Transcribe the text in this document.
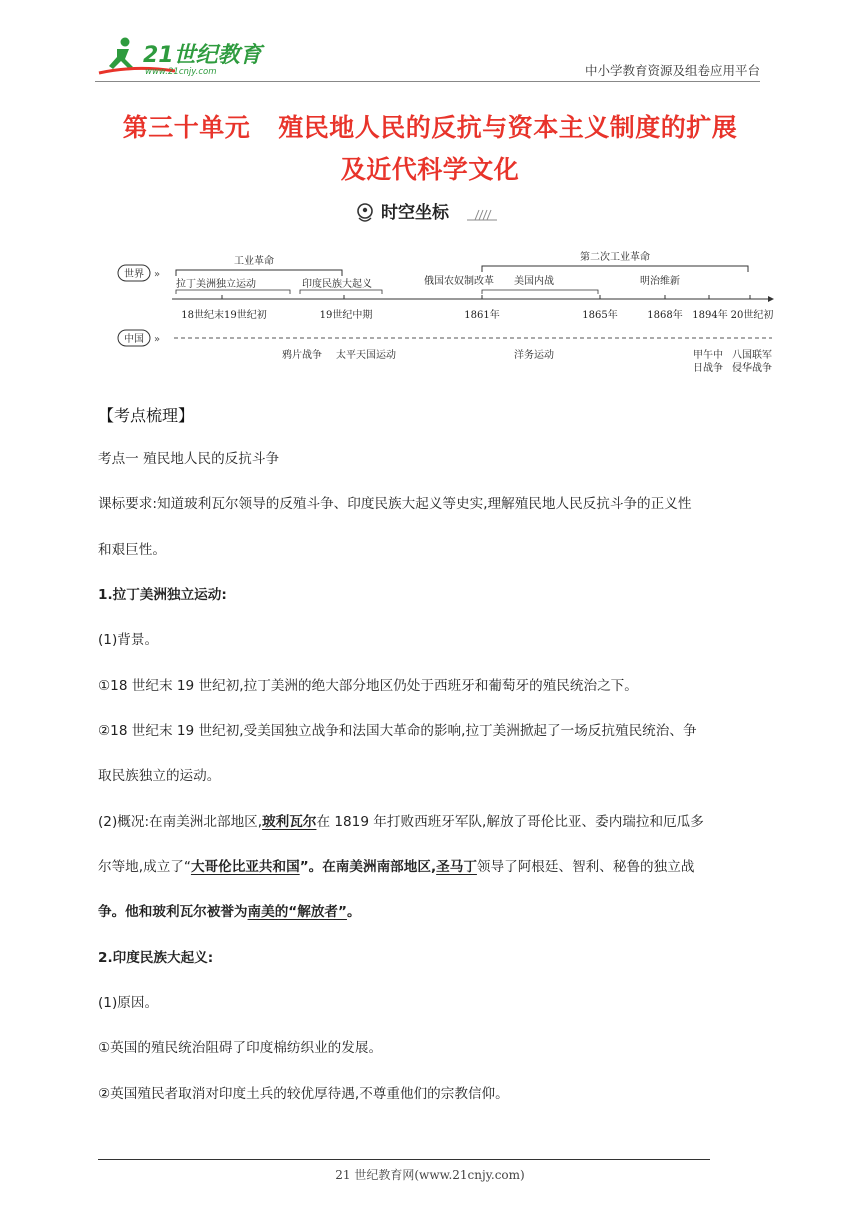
21世纪教育
www.21cnjy.com	中小学教育资源及组卷应用平台
第三十单元 殖民地人民的反抗与资本主义制度的扩展
及近代科学文化
时空坐标
世界 »
中国 »
工业革命	第二次工业革命
拉丁美洲独立运动	印度民族大起义	俄国农奴制改革 美国内战	明治维新
18世纪末19世纪初	19世纪中期	1861年	1865年	1868年 1894年 20世纪初
鸦片战争 太平天国运动	洋务运动	甲午中
日战争
八国联军
侵华战争
【考点梳理】
考点一 殖民地人民的反抗斗争
课标要求:知道玻利瓦尔领导的反殖斗争、印度民族大起义等史实,理解殖民地人民反抗斗争的正义性
和艰巨性。
1.拉丁美洲独立运动:
(1)背景。
①18 世纪末 19 世纪初,拉丁美洲的绝大部分地区仍处于西班牙和葡萄牙的殖民统治之下。
②18 世纪末 19 世纪初,受美国独立战争和法国大革命的影响,拉丁美洲掀起了一场反抗殖民统治、争
取民族独立的运动。
(2)概况:在南美洲北部地区,玻利瓦尔在 1819 年打败西班牙军队,解放了哥伦比亚、委内瑞拉和厄瓜多
尔等地,成立了“大哥伦比亚共和国”。在南美洲南部地区,圣马丁领导了阿根廷、智利、秘鲁的独立战
争。他和玻利瓦尔被誉为南美的“解放者”。
2.印度民族大起义:
(1)原因。
①英国的殖民统治阻碍了印度棉纺织业的发展。
②英国殖民者取消对印度土兵的较优厚待遇,不尊重他们的宗教信仰。
21 世纪教育网(www.21cnjy.com)
